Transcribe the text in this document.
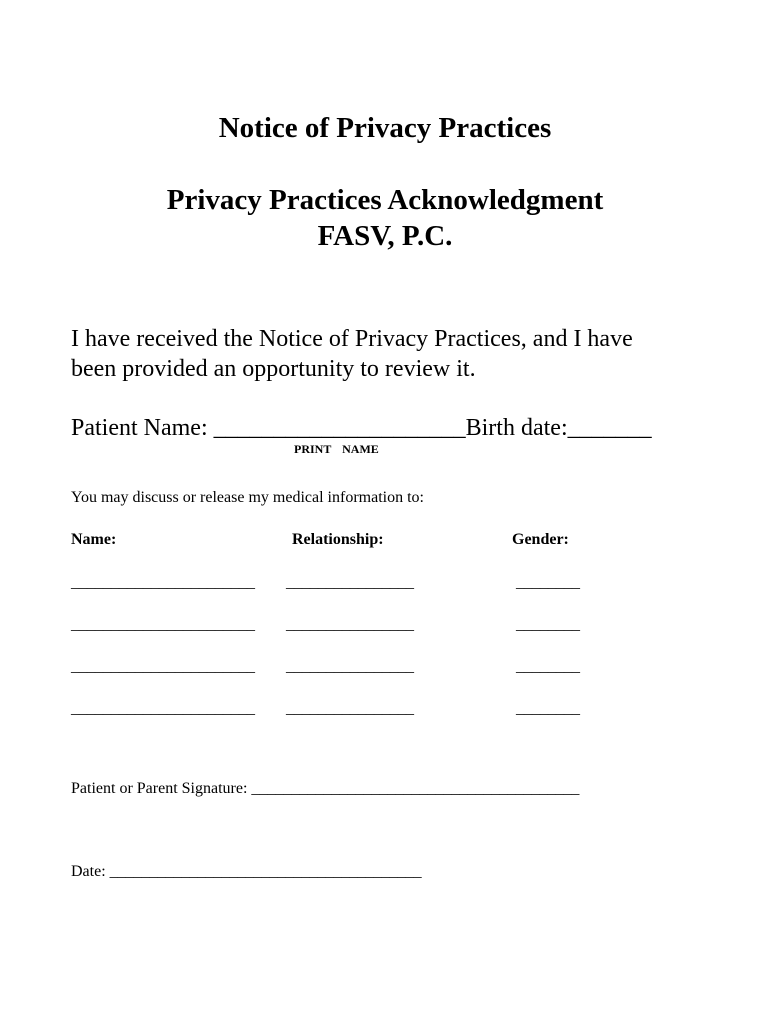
Notice of Privacy Practices
Privacy Practices Acknowledgment
FASV, P.C.
I have received the Notice of Privacy Practices, and I have
been provided an opportunity to review it.
Patient Name: _____________________Birth date:_______
PRINT NAME
You may discuss or release my medical information to:
Name:	Relationship:	Gender:
_______________________ ________________	________
_______________________ ________________	________
_______________________ ________________	________
_______________________ ________________	________
Patient or Parent Signature: _________________________________________
Date: _______________________________________
